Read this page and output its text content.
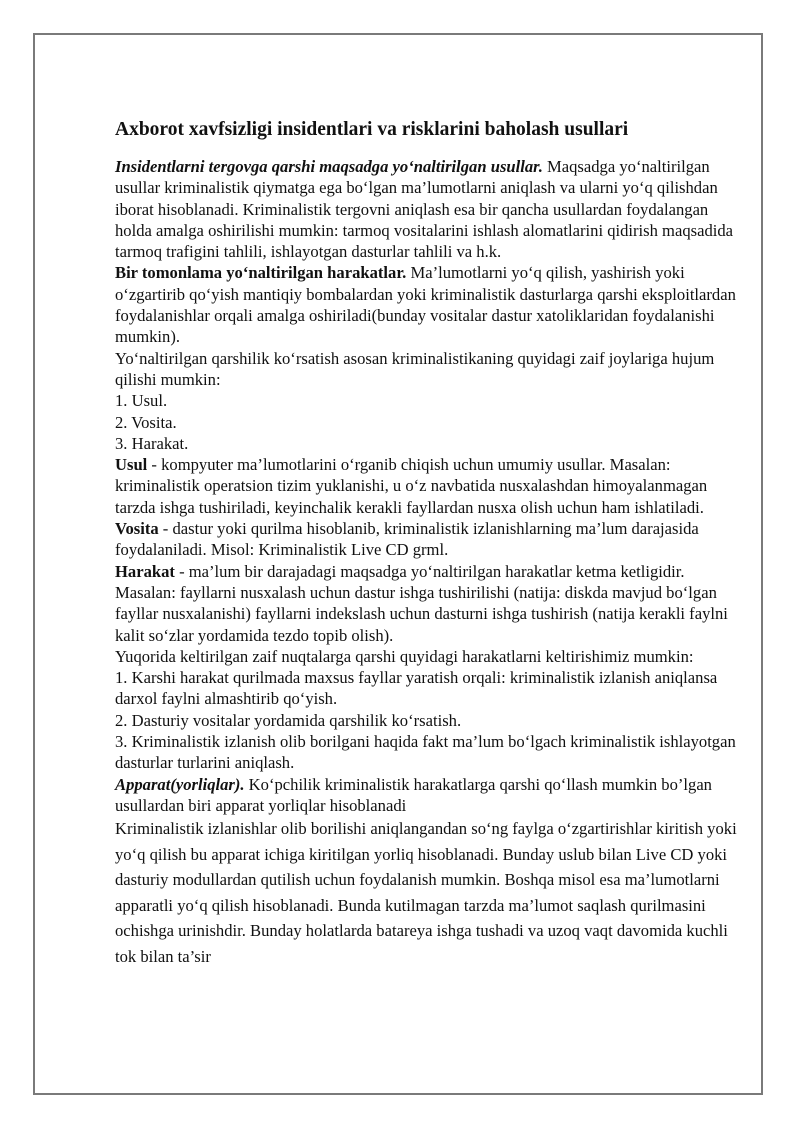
Axborot xavfsizligi insidentlari va risklarini baholash usullari

Insidentlarni tergovga qarshi maqsadga yo‘naltirilgan usullar. Maqsadga yo‘naltirilgan usullar kriminalistik qiymatga ega bo‘lgan ma’lumotlarni aniqlash va ularni yo‘q qilishdan iborat hisoblanadi. Kriminalistik tergovni aniqlash esa bir qancha usullardan foydalangan holda amalga oshirilishi mumkin: tarmoq vositalarini ishlash alomatlarini qidirish maqsadida tarmoq trafigini tahlili, ishlayotgan dasturlar tahlili va h.k.

Bir tomonlama yo‘naltirilgan harakatlar. Ma’lumotlarni yo‘q qilish, yashirish yoki o‘zgartirib qo‘yish mantiqiy bombalardan yoki kriminalistik dasturlarga qarshi eksploitlardan foydalanishlar orqali amalga oshiriladi(bunday vositalar dastur xatoliklaridan foydalanishi mumkin).

Yo‘naltirilgan qarshilik ko‘rsatish asosan kriminalistikaning quyidagi zaif joylariga hujum qilishi mumkin:

1. Usul.

2. Vosita.

3. Harakat.

Usul - kompyuter ma’lumotlarini o‘rganib chiqish uchun umumiy usullar. Masalan: kriminalistik operatsion tizim yuklanishi, u o‘z navbatida nusxalashdan himoyalanmagan tarzda ishga tushiriladi, keyinchalik kerakli fayllardan nusxa olish uchun ham ishlatiladi.

Vosita - dastur yoki qurilma hisoblanib, kriminalistik izlanishlarning ma’lum darajasida foydalaniladi. Misol: Kriminalistik Live CD grml.

Harakat - ma’lum bir darajadagi maqsadga yo‘naltirilgan harakatlar ketma ketligidir. Masalan: fayllarni nusxalash uchun dastur ishga tushirilishi (natija: diskda mavjud bo‘lgan fayllar nusxalanishi) fayllarni indekslash uchun dasturni ishga tushirish (natija kerakli faylni kalit so‘zlar yordamida tezdo topib olish).

Yuqorida keltirilgan zaif nuqtalarga qarshi quyidagi harakatlarni keltirishimiz mumkin:

1. Karshi harakat qurilmada maxsus fayllar yaratish orqali: kriminalistik izlanish aniqlansa darxol faylni almashtirib qo‘yish.

2. Dasturiy vositalar yordamida qarshilik ko‘rsatish.

3. Kriminalistik izlanish olib borilgani haqida fakt ma’lum bo‘lgach kriminalistik ishlayotgan dasturlar turlarini aniqlash.

Apparat(yorliqlar). Ko‘pchilik kriminalistik harakatlarga qarshi qo‘llash mumkin bo’lgan usullardan biri apparat yorliqlar hisoblanadi

Kriminalistik izlanishlar olib borilishi aniqlangandan so‘ng faylga o‘zgartirishlar kiritish yoki yo‘q qilish bu apparat ichiga kiritilgan yorliq hisoblanadi. Bunday uslub bilan Live CD yoki dasturiy modullardan qutilish uchun foydalanish mumkin. Boshqa misol esa ma’lumotlarni apparatli yo‘q qilish hisoblanadi. Bunda kutilmagan tarzda ma’lumot saqlash qurilmasini ochishga urinishdir. Bunday holatlarda batareya ishga tushadi va uzoq vaqt davomida kuchli tok bilan ta’sir
